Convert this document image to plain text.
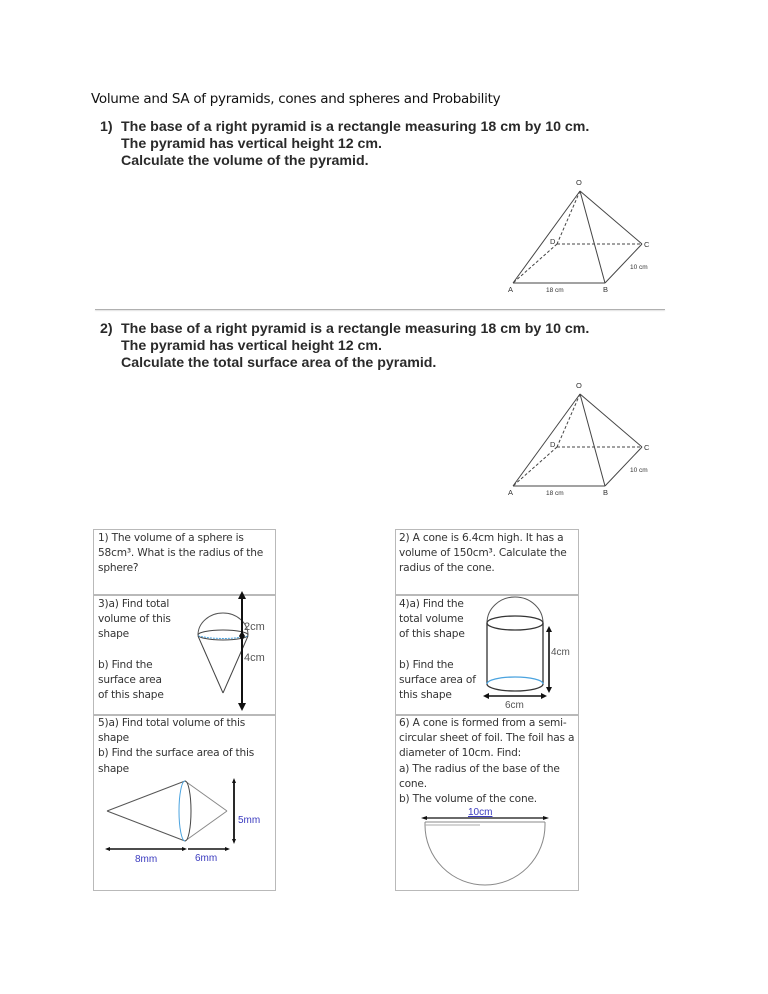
Volume and SA of pyramids, cones and spheres and Probability
1) The base of a right pyramid is a rectangle measuring 18 cm by 10 cm.
The pyramid has vertical height 12 cm.
Calculate the volume of the pyramid.
O
D	C
A	B
18 cm
10 cm
2) The base of a right pyramid is a rectangle measuring 18 cm by 10 cm.
The pyramid has vertical height 12 cm.
Calculate the total surface area of the pyramid.
O
D	C
A	B
18 cm
10 cm
1) The volume of a sphere is
58cm³. What is the radius of the
sphere?
2) A cone is 6.4cm high. It has a
volume of 150cm³. Calculate the
radius of the cone.
3)a) Find total
volume of this
shape
b) Find the
surface area
of this shape
2cm
4cm
4)a) Find the
total volume
of this shape
b) Find the
surface area of
this shape
4cm
6cm
5)a) Find total volume of this
shape
b) Find the surface area of this
shape
5mm
8mm	6mm
6) A cone is formed from a semi-
circular sheet of foil. The foil has a
diameter of 10cm. Find:
a) The radius of the base of the
cone.
b) The volume of the cone.
10cm
